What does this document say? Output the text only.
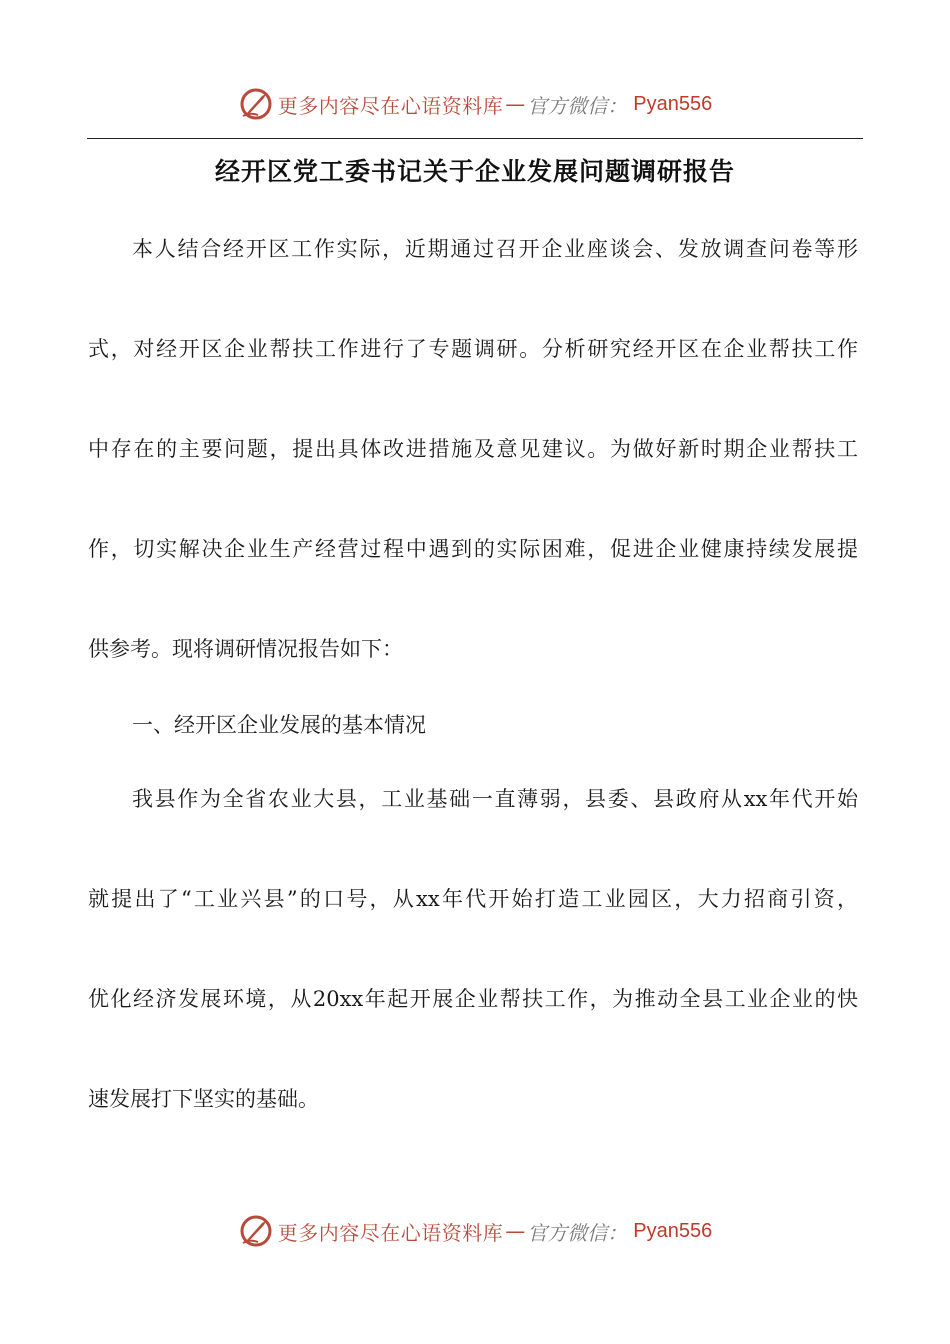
更多内容尽在心语资料库 — 官方微信： Pyan556
经开区党工委书记关于企业发展问题调研报告
本人结合经开区工作实际，近期通过召开企业座谈会、发放调查问卷等形
式，对经开区企业帮扶工作进行了专题调研。分析研究经开区在企业帮扶工作
中存在的主要问题，提出具体改进措施及意见建议。为做好新时期企业帮扶工
作，切实解决企业生产经营过程中遇到的实际困难，促进企业健康持续发展提
供参考。现将调研情况报告如下：
一、经开区企业发展的基本情况
我县作为全省农业大县，工业基础一直薄弱，县委、县政府从xx年代开始
就提出了“工业兴县”的口号，从xx年代开始打造工业园区，大力招商引资，
优化经济发展环境，从20xx年起开展企业帮扶工作，为推动全县工业企业的快
速发展打下坚实的基础。
更多内容尽在心语资料库 — 官方微信： Pyan556
